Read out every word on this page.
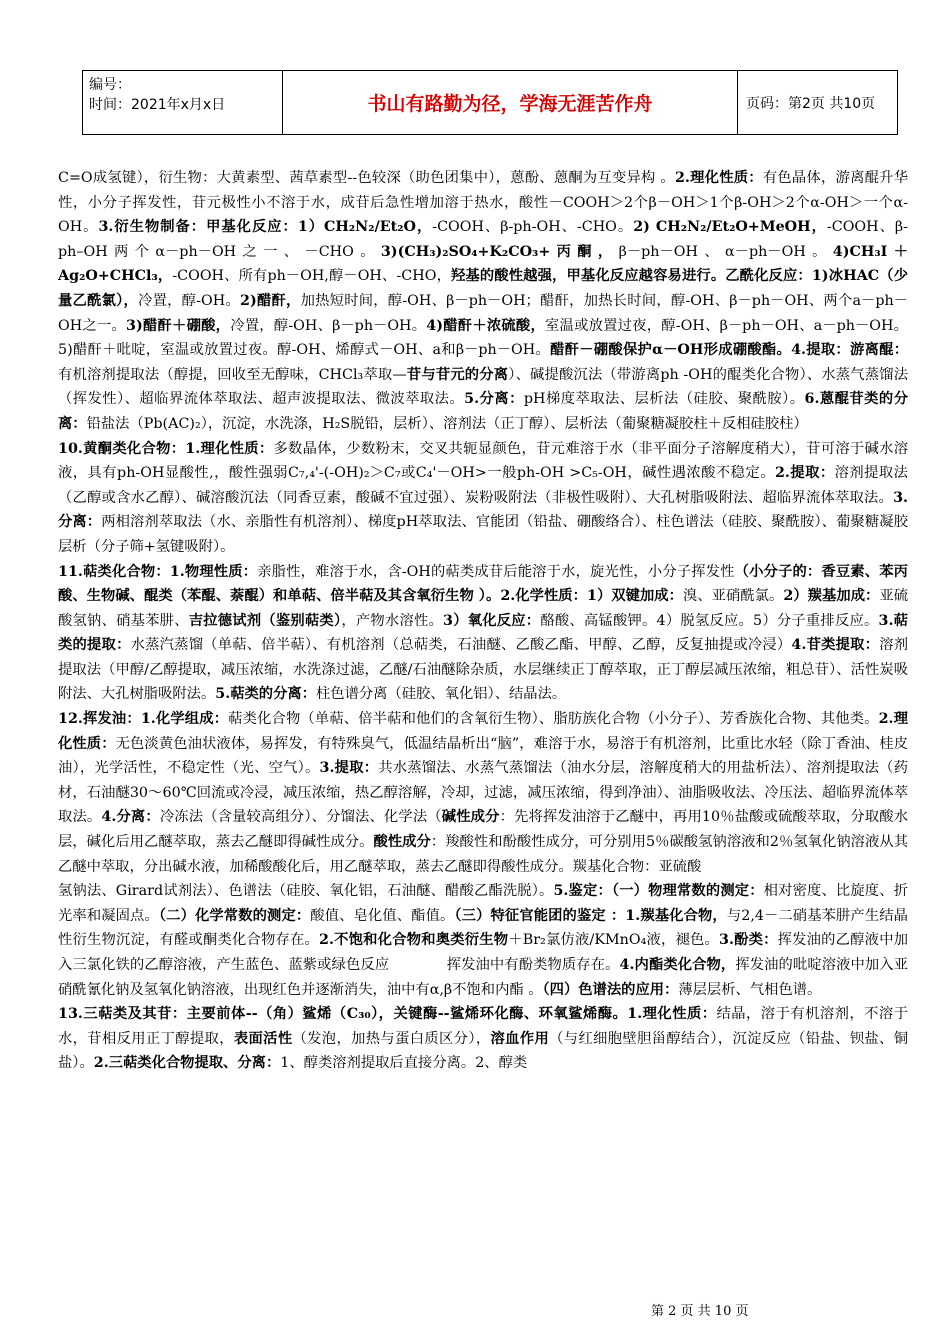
编号：
时间：2021年x月x日	书山有路勤为径，学海无涯苦作舟	页码：第2页 共10页

C=O成氢键），衍生物：大黄素型、茜草素型--色较深（助色团集中），蒽酚、蒽酮为互变异构 。2.理化性质：有色晶体，游离醌升华性，小分子挥发性，苷元极性小不溶于水，成苷后急性增加溶于热水，酸性－COOH＞2个β－OH＞1个β-OH＞2个α-OH＞一个α-OH。3.衍生物制备：甲基化反应：1）CH₂N₂/Et₂O，-COOH、β-ph-OH、-CHO。2) CH₂N₂/Et₂O+MeOH，-COOH、β- ph–OH两个α－ph－OH之一、－CHO。3)(CH₃)₂SO₄+K₂CO₃+丙酮，β－ph－OH、α－ph－OH。4)CH₃I＋Ag₂O+CHCl₃，-COOH、所有ph－OH,醇－OH、-CHO，羟基的酸性越强，甲基化反应越容易进行。乙酰化反应：1)冰HAC（少量乙酰氯），冷置，醇-OH。2)醋酐，加热短时间，醇-OH、β－ph－OH；醋酐，加热长时间，醇-OH、β－ph－OH、两个a－ph－OH之一。3)醋酐＋硼酸，冷置，醇-OH、β－ph－OH。4)醋酐＋浓硫酸，室温或放置过夜，醇-OH、β－ph－OH、a－ph－OH。5)醋酐＋吡啶，室温或放置过夜。醇-OH、烯醇式－OH、a和β－ph－OH。醋酐－硼酸保护α－OH形成硼酸酯。4.提取：游离醌：有机溶剂提取法（醇提，回收至无醇味，CHCl₃萃取—苷与苷元的分离）、碱提酸沉法（带游离ph -OH的醌类化合物）、水蒸气蒸馏法（挥发性）、超临界流体萃取法、超声波提取法、微波萃取法。5.分离：pH梯度萃取法、层析法（硅胶、聚酰胺）。6.蒽醌苷类的分离：铅盐法（Pb(AC)₂），沉淀，水洗涤，H₂S脱铅，层析）、溶剂法（正丁醇）、层析法（葡聚糖凝胶柱＋反相硅胶柱）

10.黄酮类化合物：1.理化性质：多数晶体，少数粉末，交叉共轭显颜色，苷元难溶于水（非平面分子溶解度稍大），苷可溶于碱水溶液，具有ph-OH显酸性,，酸性强弱C₇,₄'-(-OH)₂＞C₇或C₄'－OH>一般ph-OH >C₅-OH，碱性遇浓酸不稳定。2.提取：溶剂提取法（乙醇或含水乙醇）、碱溶酸沉法（同香豆素，酸碱不宜过强）、炭粉吸附法（非极性吸附）、大孔树脂吸附法、超临界流体萃取法。3.分离：两相溶剂萃取法（水、亲脂性有机溶剂）、梯度pH萃取法、官能团（铅盐、硼酸络合）、柱色谱法（硅胶、聚酰胺）、葡聚糖凝胶层析（分子筛+氢键吸附）。

11.萜类化合物：1.物理性质：亲脂性，难溶于水，含-OH的萜类成苷后能溶于水，旋光性，小分子挥发性（小分子的：香豆素、苯丙酸、生物碱、醌类（苯醌、萘醌）和单萜、倍半萜及其含氧衍生物 ）。2.化学性质：1）双键加成：溴、亚硝酰氯。2）羰基加成：亚硫酸氢钠、硝基苯肼、吉拉德试剂（鉴别萜类），产物水溶性。3）氧化反应：酪酸、高锰酸钾。4）脱氢反应。5）分子重排反应。3.萜类的提取：水蒸汽蒸馏（单萜、倍半萜）、有机溶剂（总萜类，石油醚、乙酸乙酯、甲醇、乙醇，反复抽提或冷浸）4.苷类提取：溶剂提取法（甲醇/乙醇提取，减压浓缩，水洗涤过滤，乙醚/石油醚除杂质，水层继续正丁醇萃取，正丁醇层减压浓缩，粗总苷）、活性炭吸附法、大孔树脂吸附法。5.萜类的分离：柱色谱分离（硅胶、氧化铝）、结晶法。

12.挥发油：1.化学组成：萜类化合物（单萜、倍半萜和他们的含氧衍生物）、脂肪族化合物（小分子）、芳香族化合物、其他类。2.理化性质：无色淡黄色油状液体，易挥发，有特殊臭气，低温结晶析出“脑”，难溶于水，易溶于有机溶剂，比重比水轻（除丁香油、桂皮油），光学活性，不稳定性（光、空气）。3.提取：共水蒸馏法、水蒸气蒸馏法（油水分层，溶解度稍大的用盐析法）、溶剂提取法（药材，石油醚30～60℃回流或冷浸，减压浓缩，热乙醇溶解，冷却，过滤，减压浓缩，得到净油）、油脂吸收法、冷压法、超临界流体萃取法。4.分离：冷冻法（含量较高组分）、分馏法、化学法（碱性成分：先将挥发油溶于乙醚中，再用10％盐酸或硫酸萃取，分取酸水层，碱化后用乙醚萃取，蒸去乙醚即得碱性成分。酸性成分：羧酸性和酚酸性成分，可分别用5％碳酸氢钠溶液和2％氢氧化钠溶液从其乙醚中萃取，分出碱水液，加稀酸酸化后，用乙醚萃取，蒸去乙醚即得酸性成分。羰基化合物：亚硫酸

氢钠法、Girard试剂法）、色谱法（硅胶、氧化铝，石油醚、醋酸乙酯洗脱）。5.鉴定：（一）物理常数的测定：相对密度、比旋度、折光率和凝固点。（二）化学常数的测定：酸值、皂化值、酯值。（三）特征官能团的鉴定 ：1.羰基化合物，与2,4－二硝基苯肼产生结晶性衍生物沉淀，有醛或酮类化合物存在。2.不饱和化合物和奥类衍生物＋Br₂氯仿液/KMnO₄液，褪色。3.酚类：挥发油的乙醇液中加入三氯化铁的乙醇溶液，产生蓝色、蓝紫或绿色反应　　　　挥发油中有酚类物质存在。4.内酯类化合物，挥发油的吡啶溶液中加入亚硝酰氰化钠及氢氧化钠溶液，出现红色并逐渐消失，油中有α,β不饱和内酯 。（四）色谱法的应用：薄层层析、气相色谱。

13.三萜类及其苷：主要前体--（角）鲨烯（C₃₀），关键酶--鲨烯环化酶、环氧鲨烯酶。1.理化性质：结晶，溶于有机溶剂，不溶于水，苷相反用正丁醇提取，表面活性（发泡，加热与蛋白质区分），溶血作用（与红细胞壁胆甾醇结合），沉淀反应（铅盐、钡盐、铜盐）。2.三萜类化合物提取、分离：1、醇类溶剂提取后直接分离。2、醇类

第 2 页 共 10 页
